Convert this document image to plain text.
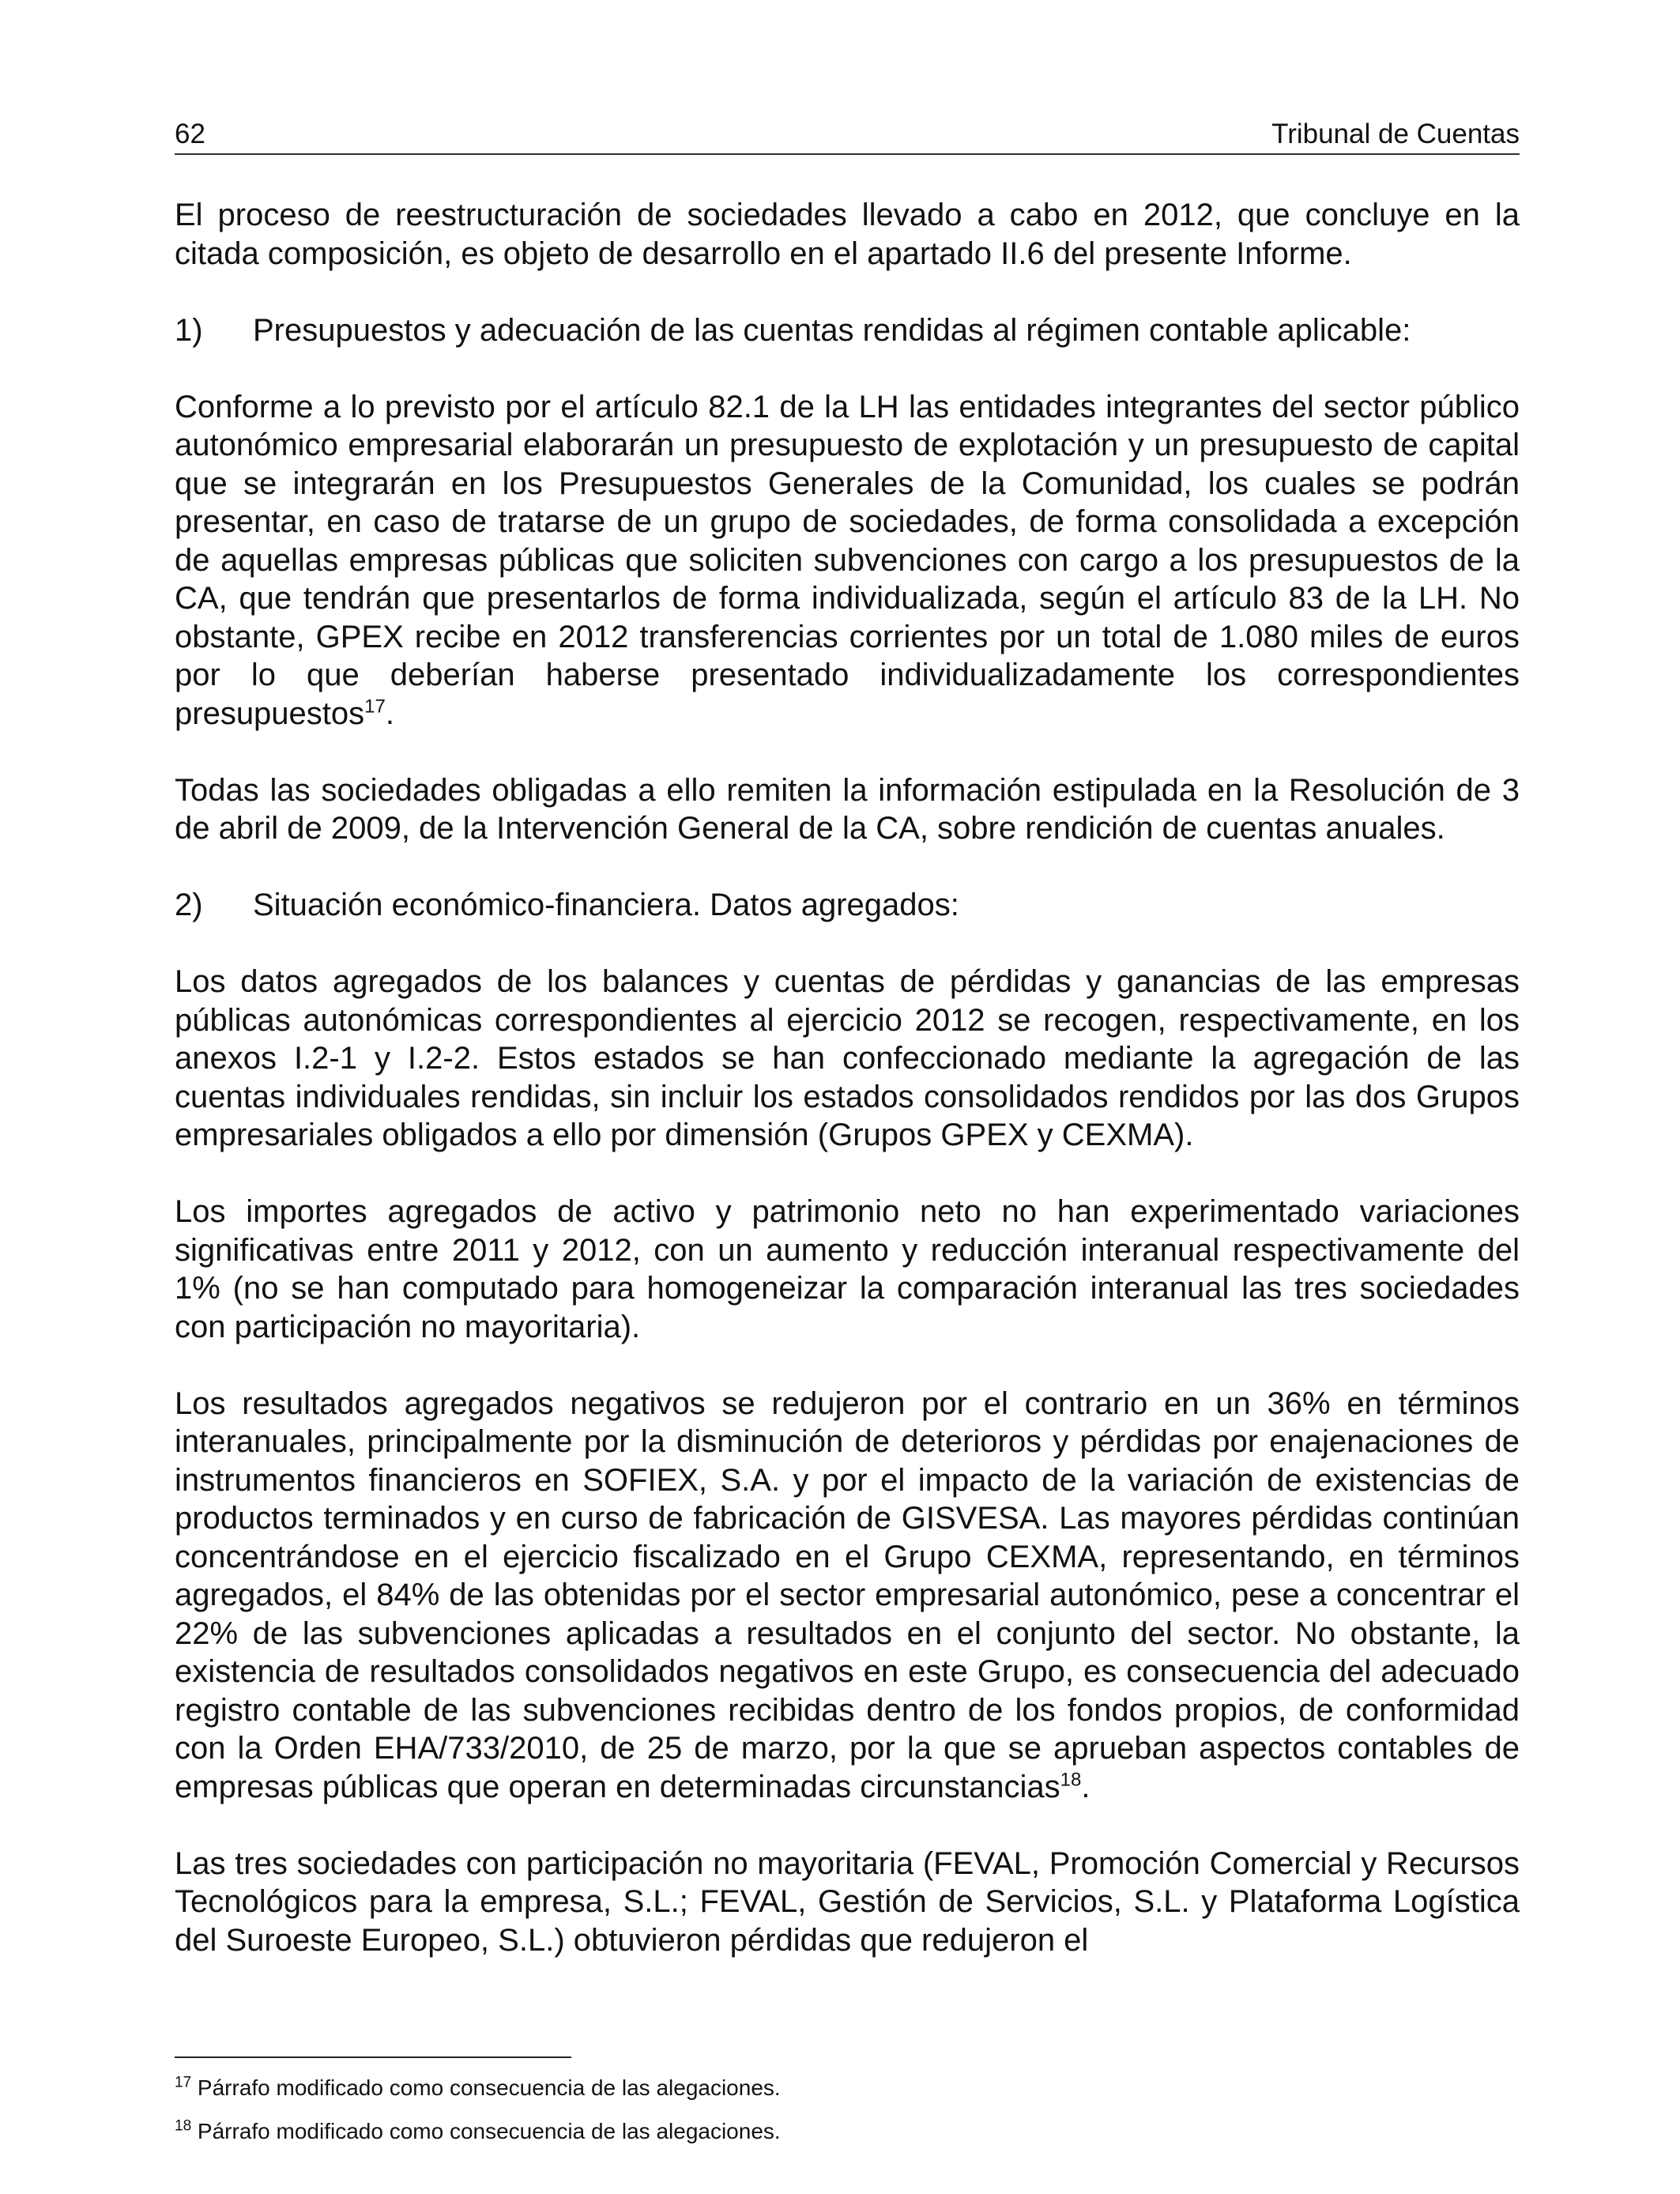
62	Tribunal de Cuentas

El proceso de reestructuración de sociedades llevado a cabo en 2012, que concluye en la citada composición, es objeto de desarrollo en el apartado II.6 del presente Informe.

1)	Presupuestos y adecuación de las cuentas rendidas al régimen contable aplicable:

Conforme a lo previsto por el artículo 82.1 de la LH las entidades integrantes del sector público autonómico empresarial elaborarán un presupuesto de explotación y un presupuesto de capital que se integrarán en los Presupuestos Generales de la Comunidad, los cuales se podrán presentar, en caso de tratarse de un grupo de sociedades, de forma consolidada a excepción de aquellas empresas públicas que soliciten subvenciones con cargo a los presupuestos de la CA, que tendrán que presentarlos de forma individualizada, según el artículo 83 de la LH. No obstante, GPEX recibe en 2012 transferencias corrientes por un total de 1.080 miles de euros por lo que deberían haberse presentado individualizadamente los correspondientes presupuestos$^{17}$.

Todas las sociedades obligadas a ello remiten la información estipulada en la Resolución de 3 de abril de 2009, de la Intervención General de la CA, sobre rendición de cuentas anuales.

2)	Situación económico-financiera. Datos agregados:

Los datos agregados de los balances y cuentas de pérdidas y ganancias de las empresas públicas autonómicas correspondientes al ejercicio 2012 se recogen, respectivamente, en los anexos I.2-1 y I.2-2. Estos estados se han confeccionado mediante la agregación de las cuentas individuales rendidas, sin incluir los estados consolidados rendidos por las dos Grupos empresariales obligados a ello por dimensión (Grupos GPEX y CEXMA).

Los importes agregados de activo y patrimonio neto no han experimentado variaciones significativas entre 2011 y 2012, con un aumento y reducción interanual respectivamente del 1% (no se han computado para homogeneizar la comparación interanual las tres sociedades con participación no mayoritaria).

Los resultados agregados negativos se redujeron por el contrario en un 36% en términos interanuales, principalmente por la disminución de deterioros y pérdidas por enajenaciones de instrumentos financieros en SOFIEX, S.A. y por el impacto de la variación de existencias de productos terminados y en curso de fabricación de GISVESA. Las mayores pérdidas continúan concentrándose en el ejercicio fiscalizado en el Grupo CEXMA, representando, en términos agregados, el 84% de las obtenidas por el sector empresarial autonómico, pese a concentrar el 22% de las subvenciones aplicadas a resultados en el conjunto del sector. No obstante, la existencia de resultados consolidados negativos en este Grupo, es consecuencia del adecuado registro contable de las subvenciones recibidas dentro de los fondos propios, de conformidad con la Orden EHA/733/2010, de 25 de marzo, por la que se aprueban aspectos contables de empresas públicas que operan en determinadas circunstancias$^{18}$.

Las tres sociedades con participación no mayoritaria (FEVAL, Promoción Comercial y Recursos Tecnológicos para la empresa, S.L.; FEVAL, Gestión de Servicios, S.L. y Plataforma Logística del Suroeste Europeo, S.L.) obtuvieron pérdidas que redujeron el

$^{17}$ Párrafo modificado como consecuencia de las alegaciones.
$^{18}$ Párrafo modificado como consecuencia de las alegaciones.
